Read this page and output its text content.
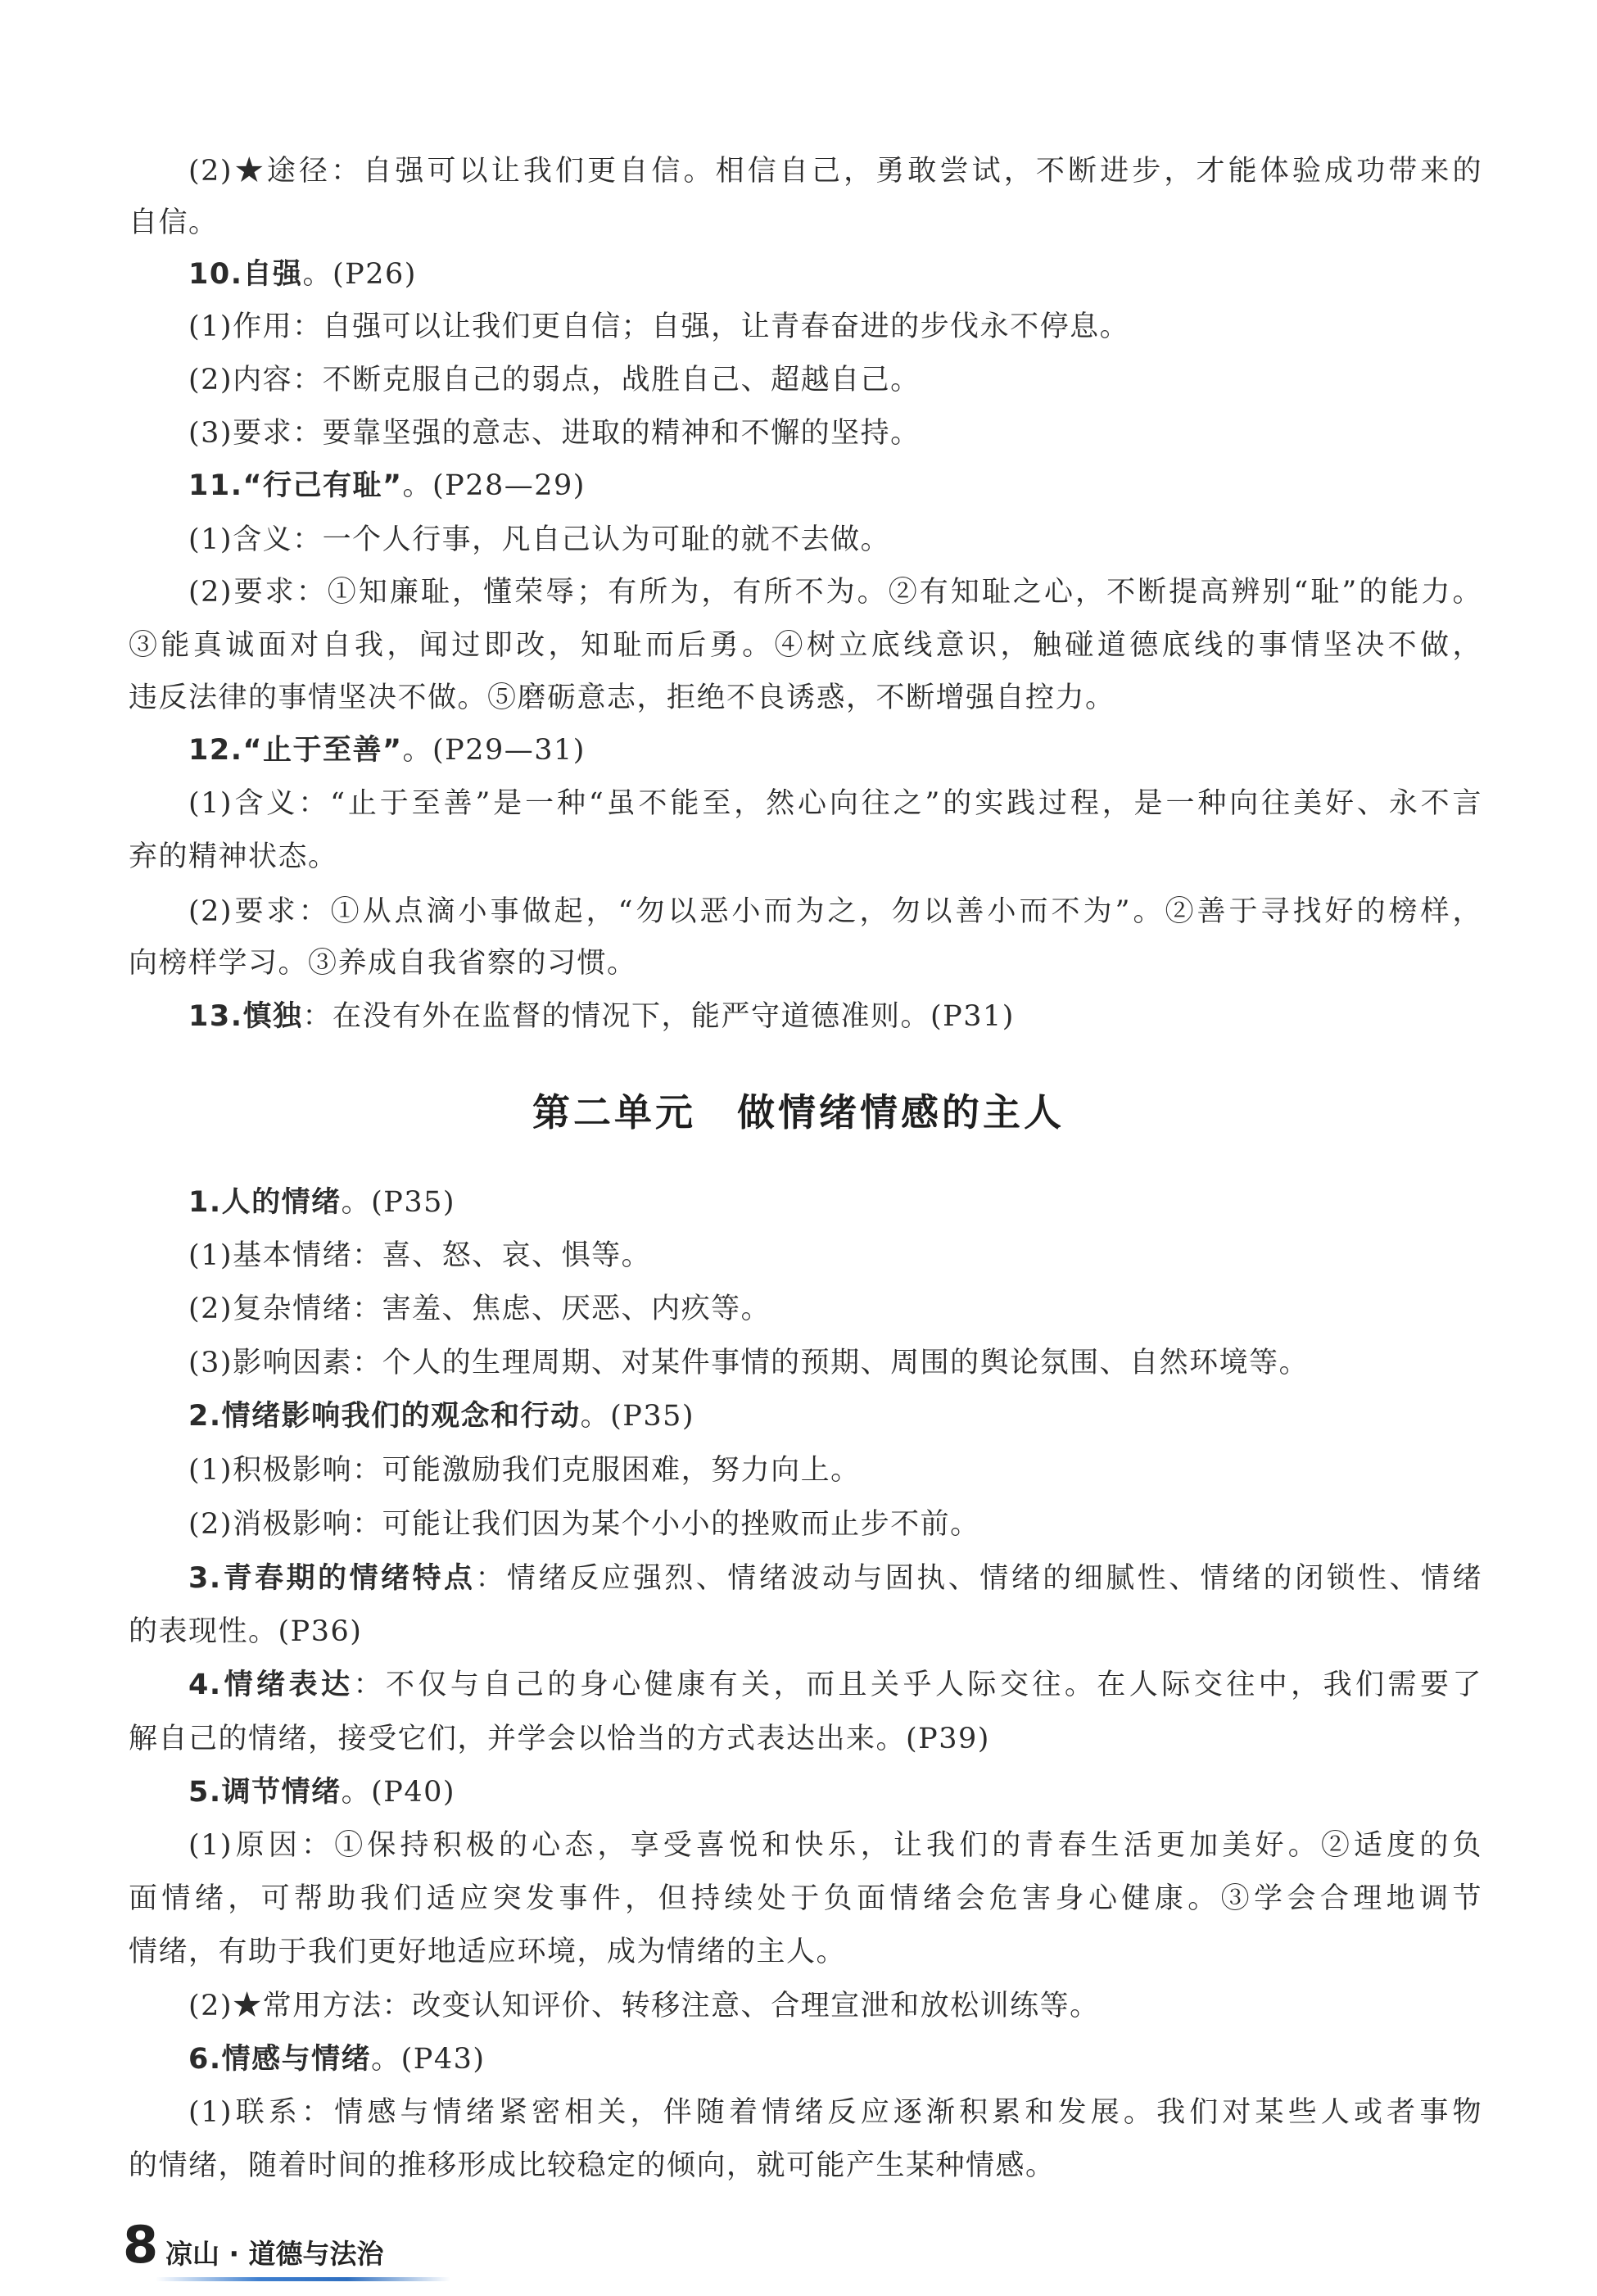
(2)★途径：自强可以让我们更自信。相信自己，勇敢尝试，不断进步，才能体验成功带来的
自信。
10.自强。(P26)
(1)作用：自强可以让我们更自信；自强，让青春奋进的步伐永不停息。
(2)内容：不断克服自己的弱点，战胜自己、超越自己。
(3)要求：要靠坚强的意志、进取的精神和不懈的坚持。
11.“行己有耻”。(P28—29)
(1)含义：一个人行事，凡自己认为可耻的就不去做。
(2)要求：①知廉耻，懂荣辱；有所为，有所不为。②有知耻之心，不断提高辨别“耻”的能力。
③能真诚面对自我，闻过即改，知耻而后勇。④树立底线意识，触碰道德底线的事情坚决不做，
违反法律的事情坚决不做。⑤磨砺意志，拒绝不良诱惑，不断增强自控力。
12.“止于至善”。(P29—31)
(1)含义：“止于至善”是一种“虽不能至，然心向往之”的实践过程，是一种向往美好、永不言
弃的精神状态。
(2)要求：①从点滴小事做起，“勿以恶小而为之，勿以善小而不为”。②善于寻找好的榜样，
向榜样学习。③养成自我省察的习惯。
13.慎独：在没有外在监督的情况下，能严守道德准则。(P31)
第二单元　做情绪情感的主人
1.人的情绪。(P35)
(1)基本情绪：喜、怒、哀、惧等。
(2)复杂情绪：害羞、焦虑、厌恶、内疚等。
(3)影响因素：个人的生理周期、对某件事情的预期、周围的舆论氛围、自然环境等。
2.情绪影响我们的观念和行动。(P35)
(1)积极影响：可能激励我们克服困难，努力向上。
(2)消极影响：可能让我们因为某个小小的挫败而止步不前。
3.青春期的情绪特点：情绪反应强烈、情绪波动与固执、情绪的细腻性、情绪的闭锁性、情绪
的表现性。(P36)
4.情绪表达：不仅与自己的身心健康有关，而且关乎人际交往。在人际交往中，我们需要了
解自己的情绪，接受它们，并学会以恰当的方式表达出来。(P39)
5.调节情绪。(P40)
(1)原因：①保持积极的心态，享受喜悦和快乐，让我们的青春生活更加美好。②适度的负
面情绪，可帮助我们适应突发事件，但持续处于负面情绪会危害身心健康。③学会合理地调节
情绪，有助于我们更好地适应环境，成为情绪的主人。
(2)★常用方法：改变认知评价、转移注意、合理宣泄和放松训练等。
6.情感与情绪。(P43)
(1)联系：情感与情绪紧密相关，伴随着情绪反应逐渐积累和发展。我们对某些人或者事物
的情绪，随着时间的推移形成比较稳定的倾向，就可能产生某种情感。
8 凉山 · 道德与法治
